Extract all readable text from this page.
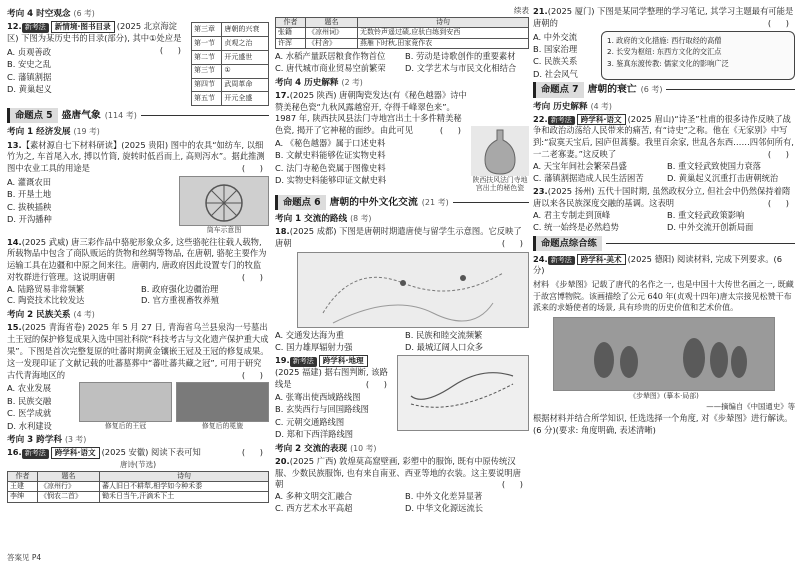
考向 4 时空观念 (6 考)
12. 新考法 新情境·图书目录 (2025 北京海淀区) 下图为某历史书的目录(部分), 其中①处应是
( )
A. 贞观善政
B. 安史之乱
C. 藩镇割据
D. 黄巢起义
第三章	唐朝的兴衰
第一节	贞观之治
第二节	开元盛世
第三节	①
第四节	武周革命
第五节	开元全盛
命题点 5 盛唐气象 (114 考)
考向 1 经济发展 (19 考)
13.【素材源自七下材料研读】(2025 贵阳) 图中的农具“如纺车, 以细竹为之, 车首尾入水, 搏以竹筒, 旋转时低舀而上, 高则泻水”。据此推测图中农业工具的用途是	( )
A. 灌溉农田
B. 开垦土地
C. 拔秧插秧
D. 开沟播种
筒车示意图
14.(2025 武威) 唐三彩作品中骆驼形象众多, 这些骆驼往往载人载物, 所载物品中包含了商队贩运的货物和丝绸等物品, 在唐朝, 骆驼主要作为运输工具在边疆和中原之间来往。唐朝内, 唐政府因此设置专门的牧监对牧群进行管理。这说明唐朝	( )
A. 陆路贸易非常频繁	B. 政府强化边疆治理
C. 陶瓷技术比较发达	D. 官方重视畜牧养殖
考向 2 民族关系 (4 考)
15.(2025 青海省卷) 2025 年 5 月 27 日, 青海省乌兰县泉沟一号墓出土王冠的保护修复成果入选中国社科院“科技考古与文化遗产保护重大成果”。下图是首次完整复原的吐蕃时期黄金镶嵌王冠及王冠的修复成果。这一发现印证了文献记载的吐蕃墓葬中“蕃吐蕃共藏之冠”, 可用于研究古代青海地区的	( )
A. 农业发展
B. 民族交融
C. 医学成就
D. 水利建设	修复后的王冠	修复后的冕旒
考向 3 跨学科 (3 考)
16. 新考法 跨学科·语文 (2025 安徽) 阅读下表可知	( )
唐诗(节选)
作者	题名	诗句
王建	《凉州行》	蕃人旧日不耕犁,相学如今种禾黍
李绅	《悯农二首》	锄禾日当午,汗滴禾下土
答案见 P4
续表
作者	题名	诗句
张籍	《凉州词》	无数铃声遥过碛,应驮白练到安西
许浑	《村舍》	燕雁下时秋,田家竟作农
A. 水稻产量跃居粮食作物首位	B. 劳动是诗歌创作的重要素材
C. 唐代城市商业贸易空前繁荣	D. 文学艺术与市民文化相结合
考向 4 历史解释 (2 考)
17.(2025 陕西) 唐朝陶瓷发达(有《秘色越器》诗中赞美秘色瓷“九秋风露越窑开, 夺得千峰翠色来”。1987 年, 陕西扶风县法门寺地宫出土十多件精美秘色瓷, 揭开了它神秘的面纱。由此可见	( )
A. 《秘色越器》属于口述史料
B. 文献史料能够佐证实物史料
C. 法门寺秘色瓷属于图像史料
D. 实物史料能够印证文献史料	陕西扶风法门寺地宫出土的秘色瓷
命题点 6 唐朝的中外文化交流 (21 考)
考向 1 交流的路线 (8 考)
18.(2025 成都) 下图是唐朝时期遣唐使与留学生示意图。它反映了唐朝	( )
A. 交通发达海为重	B. 民族和睦交流频繁
C. 国力雄厚辐射力强	D. 最城辽阔人口众多
19. 新考法 跨学科·地理(2025 福建) 据右图判断, 该路线是	( )
A. 张骞出使西域路线图
B. 玄奘西行与回国路线图
C. 元朝交通路线图
D. 郑和下西洋路线图
考向 2 交流的表现 (10 考)
20.(2025 广西) 敦煌莫高窟壁画, 彩塑中的服饰, 既有中原传统汉服、少数民族服饰, 也有来自南亚、西亚等地的衣装。这主要说明唐朝	( )
A. 多种文明交汇融合	B. 中外文化差异显著
C. 西方艺术水平高超	D. 中华文化源远流长
21.(2025 厦门) 下图是某同学整理的学习笔记, 其学习主题最有可能是唐朝的	( )
A. 中外交流
B. 国家治理
C. 民族关系
D. 社会风气
1. 政府的文化措施: 西行取经的高僧
2. 长安为枢纽: 东西方文化的交汇点
3. 鉴真东渡传教: 儒家文化的影响广泛
命题点 7 唐朝的衰亡 (6 考)
考向 历史解释 (4 考)
22. 新考法 跨学科·语文 (2025 眉山)“诗圣”杜甫的很多诗作反映了战争和政治动荡给人民带来的痛苦, 有“诗史”之称。他在《无家别》中写到:“寂寞天宝后, 园庐但蒿藜。我里百余家, 世乱各东西……四邻何所有, 一二老寡妻。”这反映了	( )
A. 天宝年间社会繁荣昌盛	B. 重文轻武致使国力衰落
C. 藩镇割据造成人民生活困苦	D. 黄巢起义沉重打击唐朝统治
23.(2025 扬州) 五代十国时期, 虽然政权分立, 但社会中仍然保持着隋唐以来各民族深度交融的基调。这表明	( )
A. 君主专制走到顶峰	B. 重文轻武政策影响
C. 统一始终是必然趋势	D. 中外交流开创新局面
命题点综合练
24. 新考法 跨学科·美术 (2025 德阳) 阅读材料, 完成下列要求。(6 分)
材料 《步辇图》记载了唐代的名作之一, 也是中国十大传世名画之一, 既藏于故宫博物院。该画描绘了公元 640 年(贞观十四年)唐太宗接见松赞干布派来的求婚使者的场景, 具有珍贵的历史价值和艺术价值。
《步辇图》(摹本·局部)
——摘编自《中国通史》等
根据材料并结合所学知识, 任选选择一个角度, 对《步辇图》进行解读。(6 分)(要求: 角度明确, 表述清晰)
